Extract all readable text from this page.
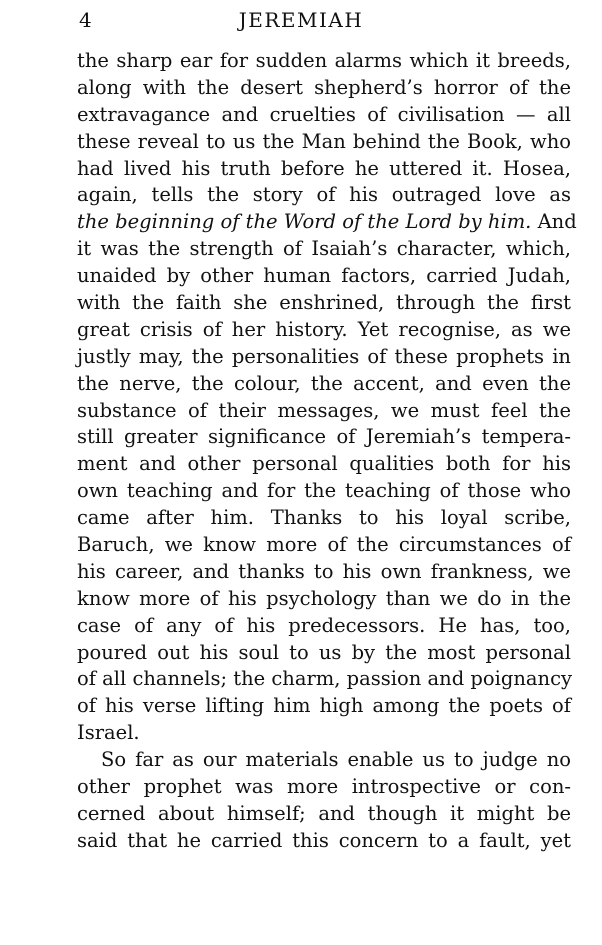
4	JEREMIAH
the sharp ear for sudden alarms which it breeds,
along with the desert shepherd’s horror of the
extravagance and cruelties of civilisation — all
these reveal to us the Man behind the Book, who
had lived his truth before he uttered it. Hosea,
again, tells the story of his outraged love as
the beginning of the Word of the Lord by him. And
it was the strength of Isaiah’s character, which,
unaided by other human factors, carried Judah,
with the faith she enshrined, through the first
great crisis of her history. Yet recognise, as we
justly may, the personalities of these prophets in
the nerve, the colour, the accent, and even the
substance of their messages, we must feel the
still greater significance of Jeremiah’s tempera-
ment and other personal qualities both for his
own teaching and for the teaching of those who
came after him. Thanks to his loyal scribe,
Baruch, we know more of the circumstances of
his career, and thanks to his own frankness, we
know more of his psychology than we do in the
case of any of his predecessors. He has, too,
poured out his soul to us by the most personal
of all channels; the charm, passion and poignancy
of his verse lifting him high among the poets of
Israel.
So far as our materials enable us to judge no
other prophet was more introspective or con-
cerned about himself; and though it might be
said that he carried this concern to a fault, yet
